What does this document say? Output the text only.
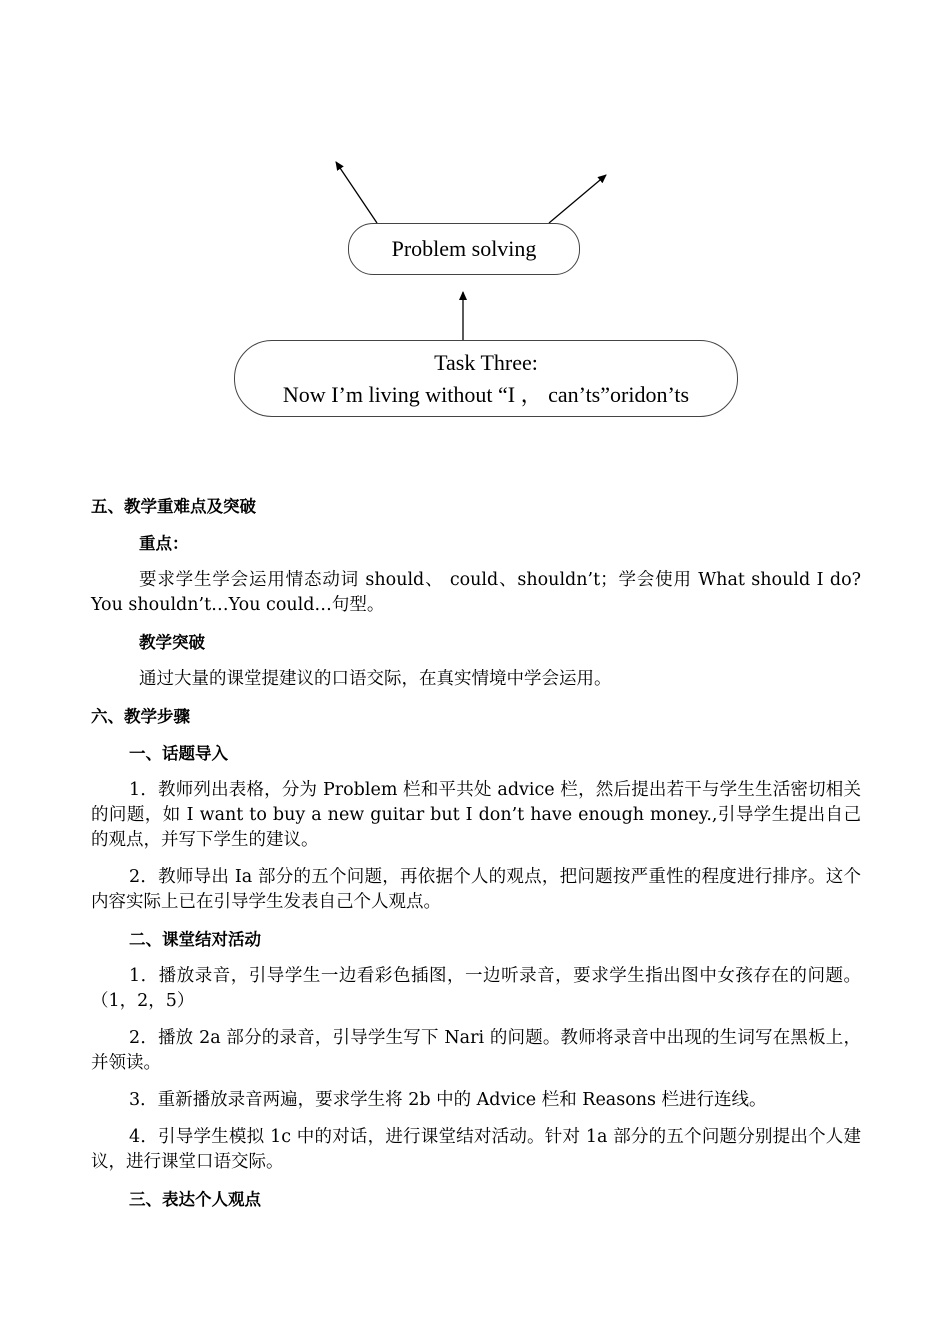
Problem solving
Task Three:
Now I’m living without “I ， can’ts”oridon’ts

五、教学重难点及突破

重点：

要求学生学会运用情态动词 should、 could、shouldn’t；学会使用 What should I do?You shouldn’t…You could…句型。

教学突破

通过大量的课堂提建议的口语交际，在真实情境中学会运用。

六、教学步骤

一、话题导入

1．教师列出表格，分为 Problem 栏和平共处 advice 栏，然后提出若干与学生生活密切相关的问题，如 I want to buy a new guitar but I don’t have enough money.,引导学生提出自己的观点，并写下学生的建议。

2．教师导出 Ia 部分的五个问题，再依据个人的观点，把问题按严重性的程度进行排序。这个内容实际上已在引导学生发表自己个人观点。

二、课堂结对活动

1．播放录音，引导学生一边看彩色插图，一边听录音，要求学生指出图中女孩存在的问题。（1，2，5）

2．播放 2a 部分的录音，引导学生写下 Nari 的问题。教师将录音中出现的生词写在黑板上，并领读。

3．重新播放录音两遍，要求学生将 2b 中的 Advice 栏和 Reasons 栏进行连线。

4．引导学生模拟 1c 中的对话，进行课堂结对活动。针对 1a 部分的五个问题分别提出个人建议，进行课堂口语交际。

三、表达个人观点
